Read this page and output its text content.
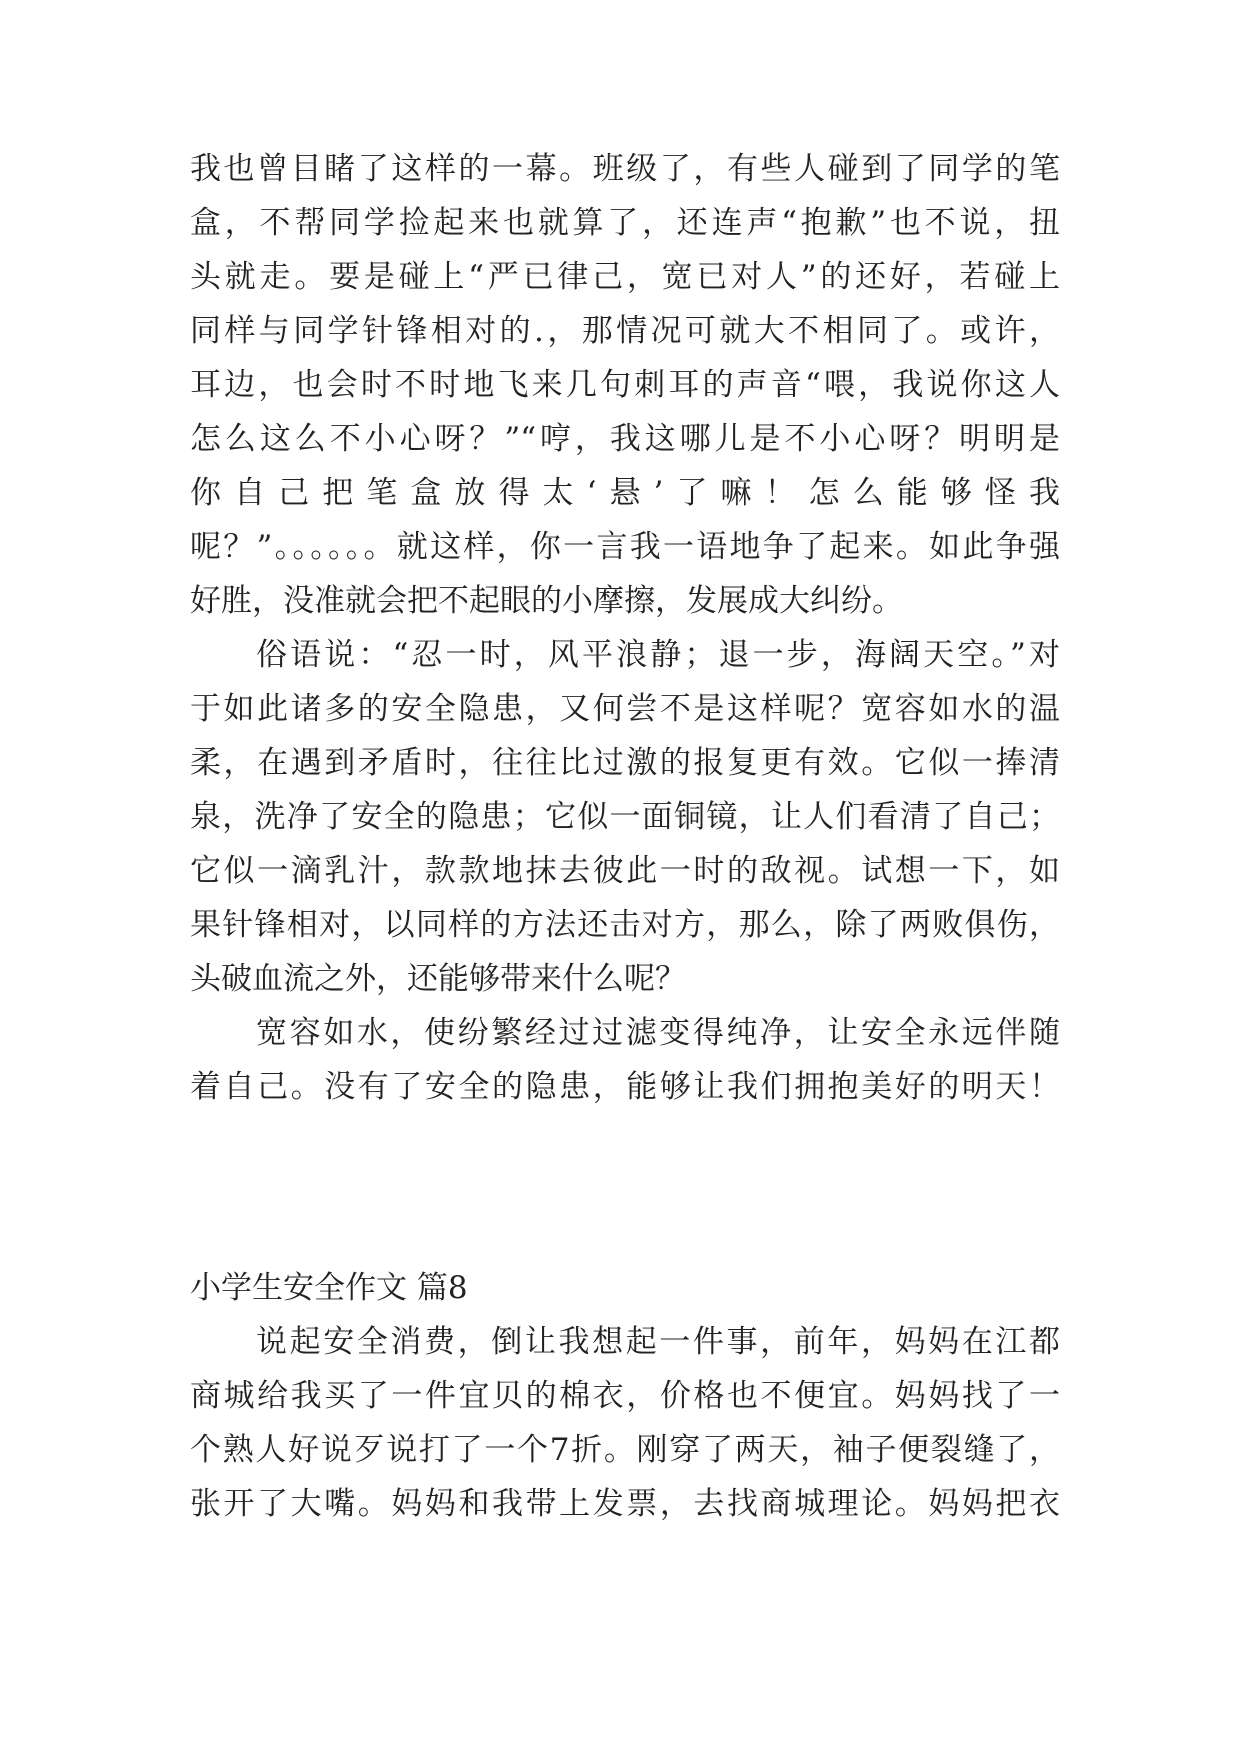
我也曾目睹了这样的一幕。班级了，有些人碰到了同学的笔
盒，不帮同学捡起来也就算了，还连声“抱歉”也不说，扭
头就走。要是碰上“严已律己，宽已对人”的还好，若碰上
同样与同学针锋相对的.，那情况可就大不相同了。或许，
耳边，也会时不时地飞来几句刺耳的声音“喂，我说你这人
怎么这么不小心呀？”“哼，我这哪儿是不小心呀？明明是
你自己把笔盒放得太‘悬’了嘛！怎么能够怪我
呢？”。。。。。。就这样，你一言我一语地争了起来。如此争强
好胜，没准就会把不起眼的小摩擦，发展成大纠纷。
俗语说：“忍一时，风平浪静；退一步，海阔天空。”对
于如此诸多的安全隐患，又何尝不是这样呢？宽容如水的温
柔，在遇到矛盾时，往往比过激的报复更有效。它似一捧清
泉，洗净了安全的隐患；它似一面铜镜，让人们看清了自己；
它似一滴乳汁，款款地抹去彼此一时的敌视。试想一下，如
果针锋相对，以同样的方法还击对方，那么，除了两败俱伤，
头破血流之外，还能够带来什么呢？
宽容如水，使纷繁经过过滤变得纯净，让安全永远伴随
着自己。没有了安全的隐患，能够让我们拥抱美好的明天！
小学生安全作文 篇8
说起安全消费，倒让我想起一件事，前年，妈妈在江都
商城给我买了一件宜贝的棉衣，价格也不便宜。妈妈找了一
个熟人好说歹说打了一个7折。刚穿了两天，袖子便裂缝了，
张开了大嘴。妈妈和我带上发票，去找商城理论。妈妈把衣
